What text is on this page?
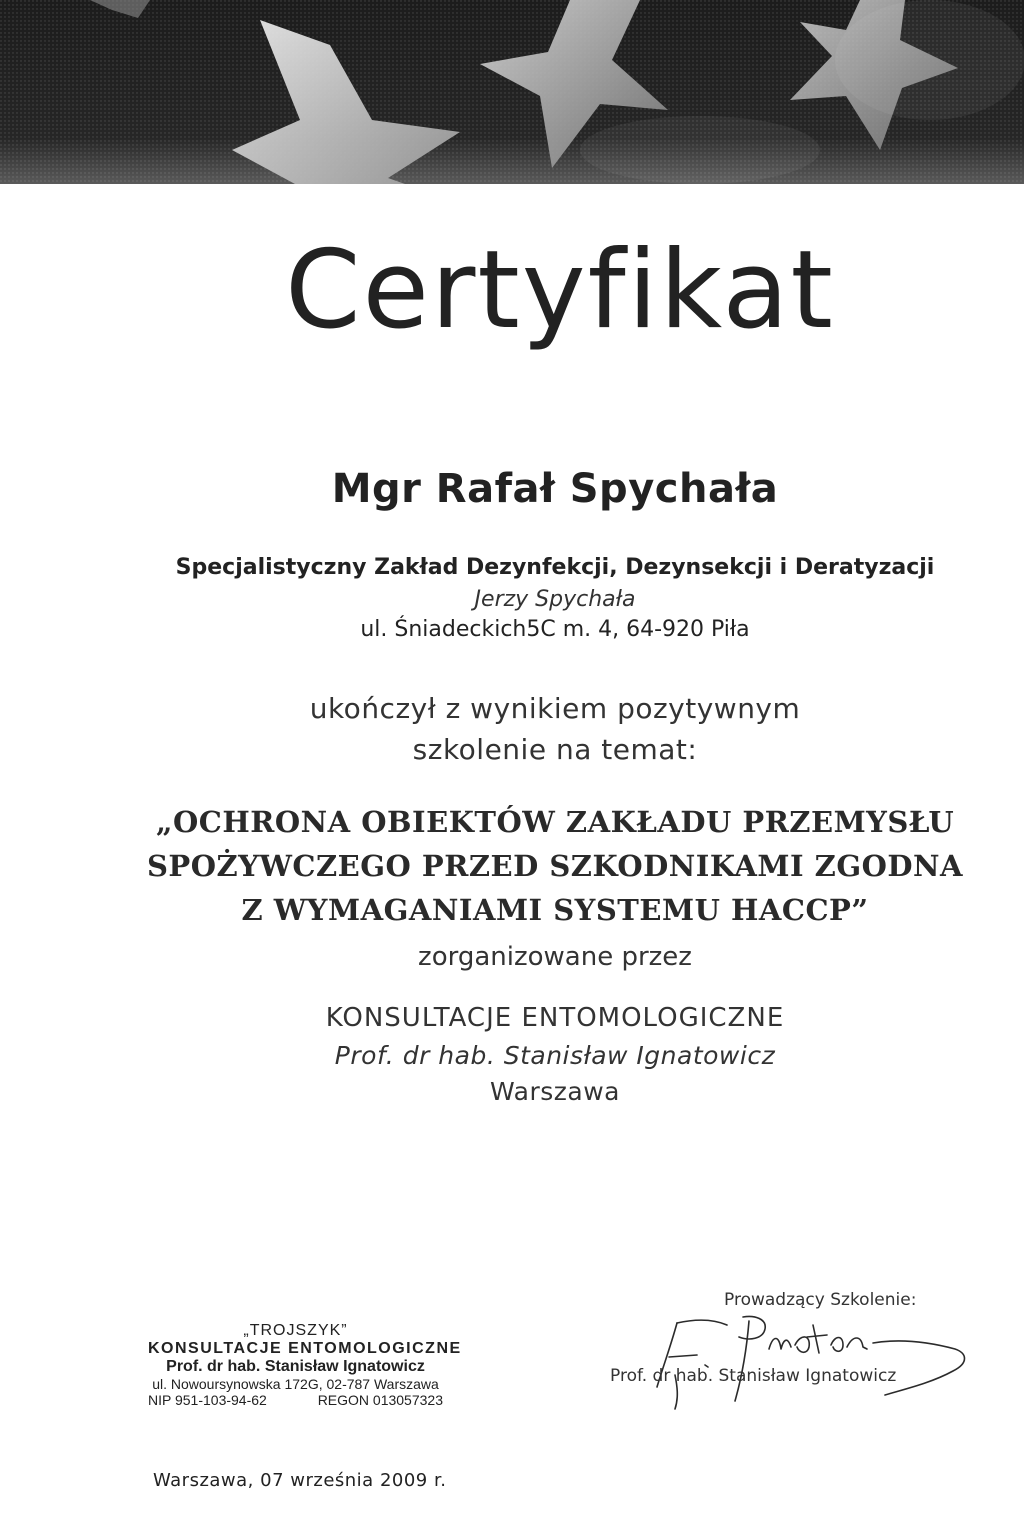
Certyfikat
Mgr Rafał Spychała
Specjalistyczny Zakład Dezynfekcji, Dezynsekcji i Deratyzacji
Jerzy Spychała
ul. Śniadeckich5C m. 4, 64-920 Piła
ukończył z wynikiem pozytywnym
szkolenie na temat:
„OCHRONA OBIEKTÓW ZAKŁADU PRZEMYSŁU
SPOŻYWCZEGO PRZED SZKODNIKAMI ZGODNA
Z WYMAGANIAMI SYSTEMU HACCP”
zorganizowane przez
KONSULTACJE ENTOMOLOGICZNE
Prof. dr hab. Stanisław Ignatowicz
Warszawa
„TROJSZYK”
KONSULTACJE ENTOMOLOGICZNE
Prof. dr hab. Stanisław Ignatowicz
ul. Nowoursynowska 172G, 02-787 Warszawa
NIP 951-103-94-62	REGON 013057323
Prowadzący Szkolenie:
Prof. dr hab. Stanisław Ignatowicz
Warszawa, 07 września 2009 r.
